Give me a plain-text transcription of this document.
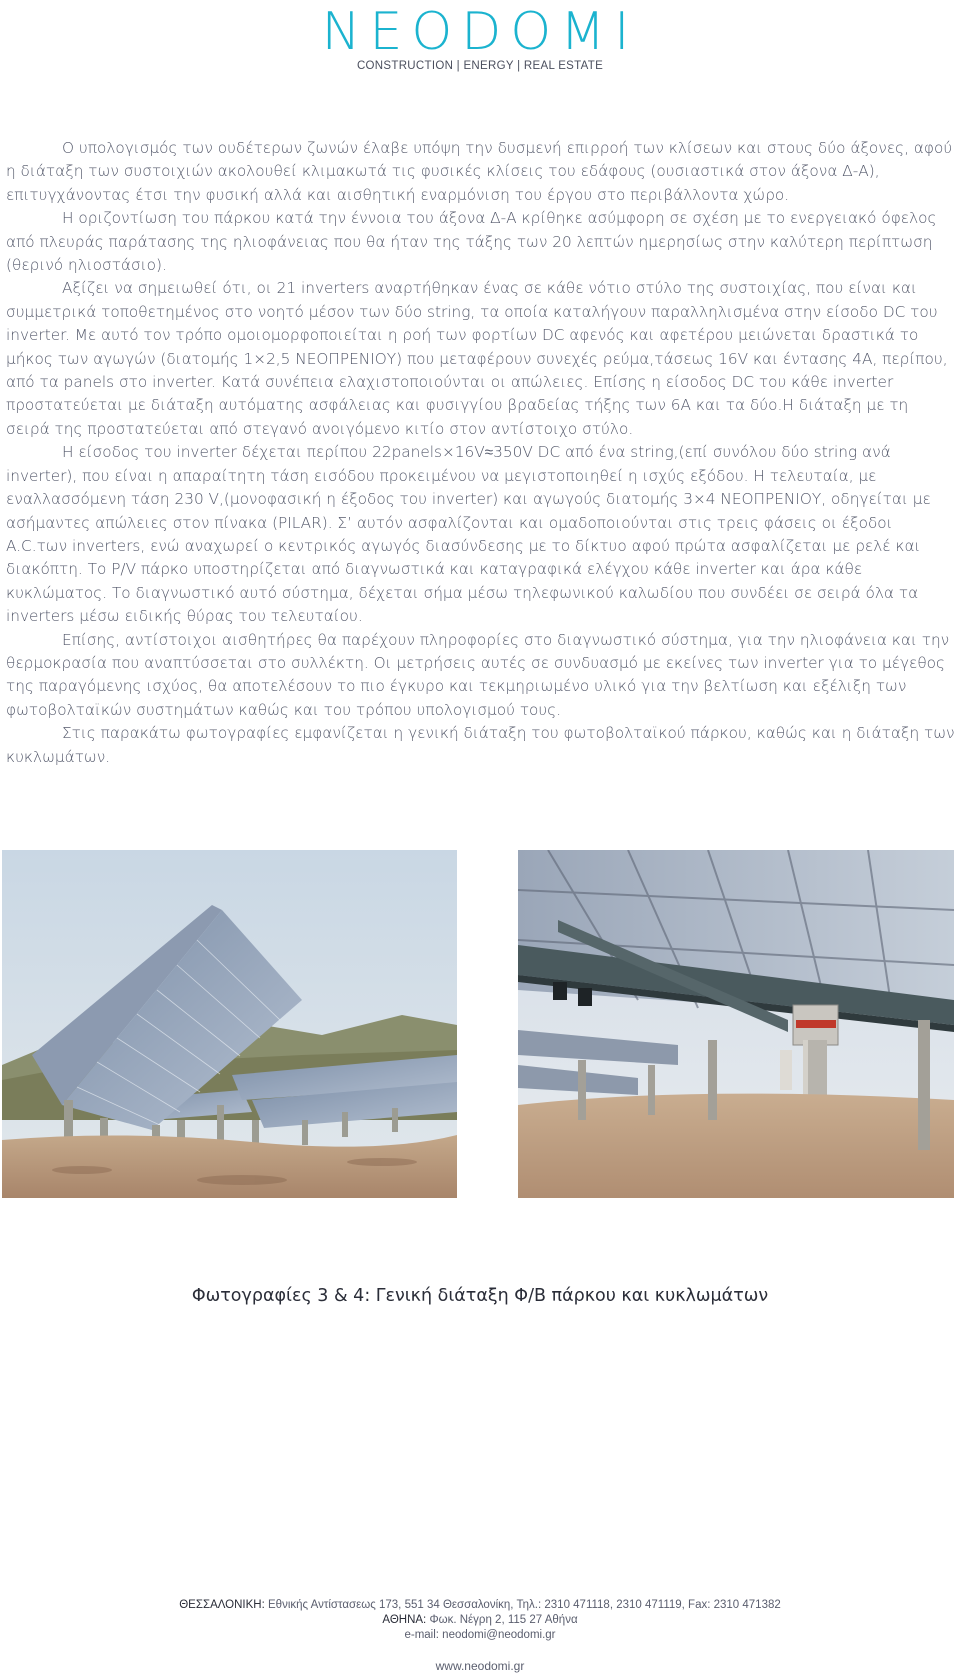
NEODOMI
CONSTRUCTION | ENERGY | REAL ESTATE

Ο υπολογισμός των ουδέτερων ζωνών έλαβε υπόψη την δυσμενή επιρροή των κλίσεων και στους δύο άξονες, αφού η διάταξη των συστοιχιών ακολουθεί κλιμακωτά τις φυσικές κλίσεις του εδάφους (ουσιαστικά στον άξονα Δ-Α), επιτυγχάνοντας έτσι την φυσική αλλά και αισθητική εναρμόνιση του έργου στο περιβάλλοντα χώρο.

Η οριζοντίωση του πάρκου κατά την έννοια του άξονα Δ-Α κρίθηκε ασύμφορη σε σχέση με το ενεργειακό όφελος από πλευράς παράτασης της ηλιοφάνειας που θα ήταν της τάξης των 20 λεπτών ημερησίως στην καλύτερη περίπτωση (θερινό ηλιοστάσιο).

Αξίζει να σημειωθεί ότι, οι 21 inverters αναρτήθηκαν ένας σε κάθε νότιο στύλο της συστοιχίας, που είναι και συμμετρικά τοποθετημένος στο νοητό μέσον των δύο string, τα οποία καταλήγουν παραλληλισμένα στην είσοδο DC του inverter. Με αυτό τον τρόπο ομοιομορφοποιείται η ροή των φορτίων DC αφενός και αφετέρου μειώνεται δραστικά το μήκος των αγωγών (διατομής 1×2,5 ΝΕΟΠΡΕΝΙΟΥ) που μεταφέρουν συνεχές ρεύμα,τάσεως 16V και έντασης 4A, περίπου, από τα panels στο inverter. Κατά συνέπεια ελαχιστοποιούνται οι απώλειες. Επίσης η είσοδος DC του κάθε inverter προστατεύεται με διάταξη αυτόματης ασφάλειας και φυσιγγίου βραδείας τήξης των 6A και τα δύο.Η διάταξη με τη σειρά της προστατεύεται από στεγανό ανοιγόμενο κιτίο στον αντίστοιχο στύλο.

Η είσοδος του inverter δέχεται περίπου 22panels×16V≈350V DC από ένα string,(επί συνόλου δύο string ανά inverter), που είναι η απαραίτητη τάση εισόδου προκειμένου να μεγιστοποιηθεί η ισχύς εξόδου. Η τελευταία, με εναλλασσόμενη τάση 230 V,(μονοφασική η έξοδος του inverter) και αγωγούς διατομής 3×4 ΝΕΟΠΡΕΝΙΟΥ, οδηγείται με ασήμαντες απώλειες στον πίνακα (PILAR). Σ’ αυτόν ασφαλίζονται και ομαδοποιούνται στις τρεις φάσεις οι έξοδοι A.C.των inverters, ενώ αναχωρεί ο κεντρικός αγωγός διασύνδεσης με το δίκτυο αφού πρώτα ασφαλίζεται με ρελέ και διακόπτη. Το P/V πάρκο υποστηρίζεται από διαγνωστικά και καταγραφικά ελέγχου κάθε inverter και άρα κάθε κυκλώματος. Το διαγνωστικό αυτό σύστημα, δέχεται σήμα μέσω τηλεφωνικού καλωδίου που συνδέει σε σειρά όλα τα inverters μέσω ειδικής θύρας του τελευταίου.

Επίσης, αντίστοιχοι αισθητήρες θα παρέχουν πληροφορίες στο διαγνωστικό σύστημα, για την ηλιοφάνεια και την θερμοκρασία που αναπτύσσεται στο συλλέκτη. Οι μετρήσεις αυτές σε συνδυασμό με εκείνες των inverter για το μέγεθος της παραγόμενης ισχύος, θα αποτελέσουν το πιο έγκυρο και τεκμηριωμένο υλικό για την βελτίωση και εξέλιξη των φωτοβολταϊκών συστημάτων καθώς και του τρόπου υπολογισμού τους.

Στις παρακάτω φωτογραφίες εμφανίζεται η γενική διάταξη του φωτοβολταϊκού πάρκου, καθώς και η διάταξη των κυκλωμάτων.

Φωτογραφίες 3 & 4: Γενική διάταξη Φ/Β πάρκου και κυκλωμάτων
ΘΕΣΣΑΛΟΝΙΚΗ: Εθνικής Αντίστασεως 173, 551 34 Θεσσαλονίκη, Τηλ.: 2310 471118, 2310 471119, Fax: 2310 471382
ΑΘΗΝΑ: Φωκ. Νέγρη 2, 115 27 Αθήνα
e-mail: neodomi@neodomi.gr
www.neodomi.gr
